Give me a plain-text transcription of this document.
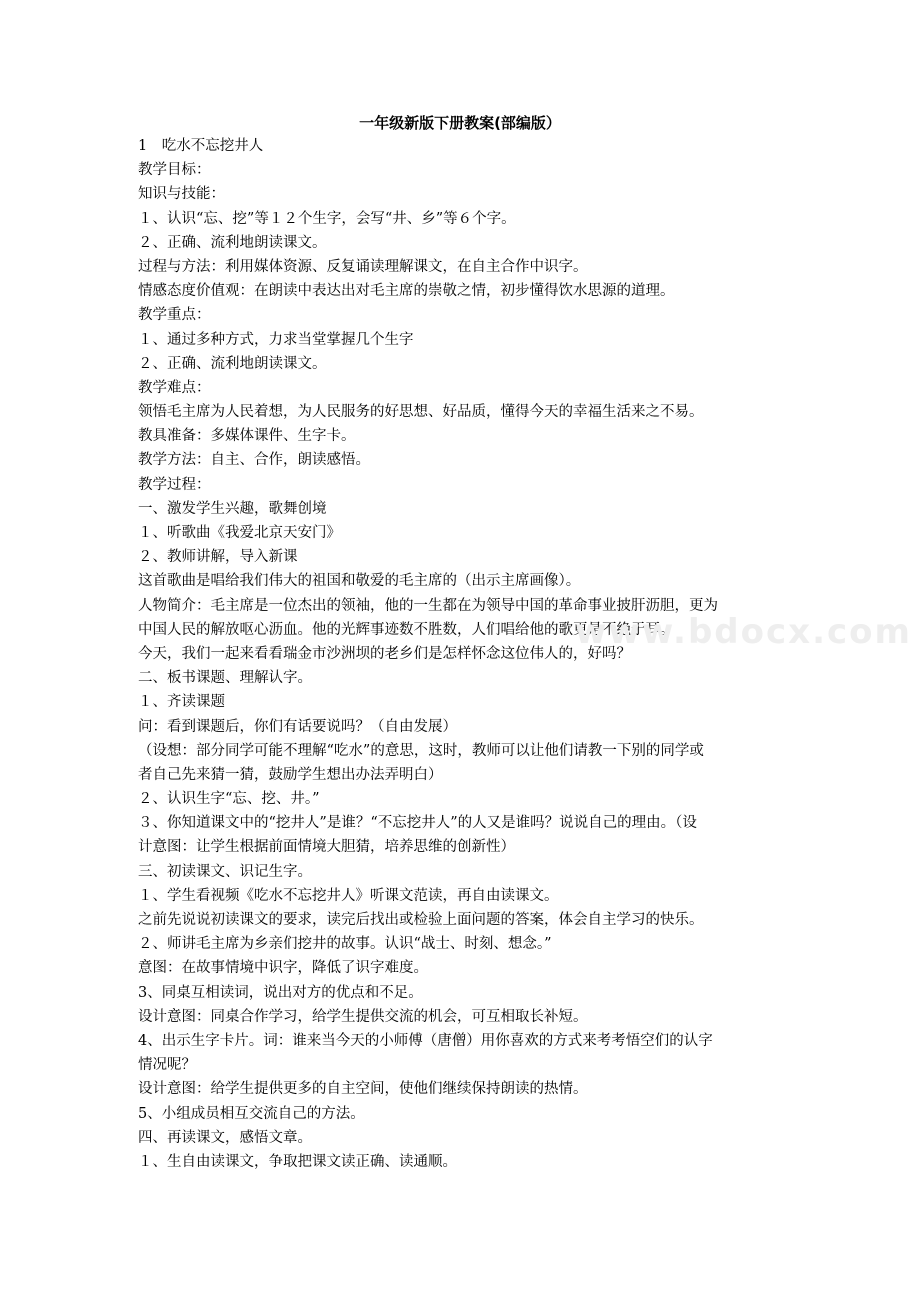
一年级新版下册教案(部编版）
1　吃水不忘挖井人
教学目标：
知识与技能：
１、认识“忘、挖”等１２个生字，会写“井、乡”等６个字。
２、正确、流利地朗读课文。
过程与方法：利用媒体资源、反复诵读理解课文，在自主合作中识字。
情感态度价值观：在朗读中表达出对毛主席的崇敬之情，初步懂得饮水思源的道理。
教学重点：
１、通过多种方式，力求当堂掌握几个生字
２、正确、流利地朗读课文。
教学难点：
领悟毛主席为人民着想，为人民服务的好思想、好品质，懂得今天的幸福生活来之不易。
教具准备：多媒体课件、生字卡。
教学方法：自主、合作，朗读感悟。
教学过程：
一、激发学生兴趣，歌舞创境
１、听歌曲《我爱北京天安门》
２、教师讲解，导入新课
这首歌曲是唱给我们伟大的祖国和敬爱的毛主席的（出示主席画像）。
人物简介：毛主席是一位杰出的领袖，他的一生都在为领导中国的革命事业披肝沥胆，更为
中国人民的解放呕心沥血。他的光辉事迹数不胜数，人们唱给他的歌更是不绝于耳。
今天，我们一起来看看瑞金市沙洲坝的老乡们是怎样怀念这位伟人的，好吗？
二、板书课题、理解认字。
１、齐读课题
问：看到课题后，你们有话要说吗？（自由发展）
（设想：部分同学可能不理解“吃水”的意思，这时，教师可以让他们请教一下别的同学或
者自己先来猜一猜，鼓励学生想出办法弄明白）
２、认识生字“忘、挖、井。”
３、你知道课文中的“挖井人”是谁？“不忘挖井人”的人又是谁吗？说说自己的理由。（设
计意图：让学生根据前面情境大胆猜，培养思维的创新性）
三、初读课文、识记生字。
１、学生看视频《吃水不忘挖井人》听课文范读，再自由读课文。
之前先说说初读课文的要求，读完后找出或检验上面问题的答案，体会自主学习的快乐。
２、师讲毛主席为乡亲们挖井的故事。认识“战士、时刻、想念。”
意图：在故事情境中识字，降低了识字难度。
3、同桌互相读词，说出对方的优点和不足。
设计意图：同桌合作学习，给学生提供交流的机会，可互相取长补短。
4、出示生字卡片。词：谁来当今天的小师傅（唐僧）用你喜欢的方式来考考悟空们的认字
情况呢？
设计意图：给学生提供更多的自主空间，使他们继续保持朗读的热情。
5、小组成员相互交流自己的方法。
四、再读课文，感悟文章。
１、生自由读课文，争取把课文读正确、读通顺。
www.bdocx.com
